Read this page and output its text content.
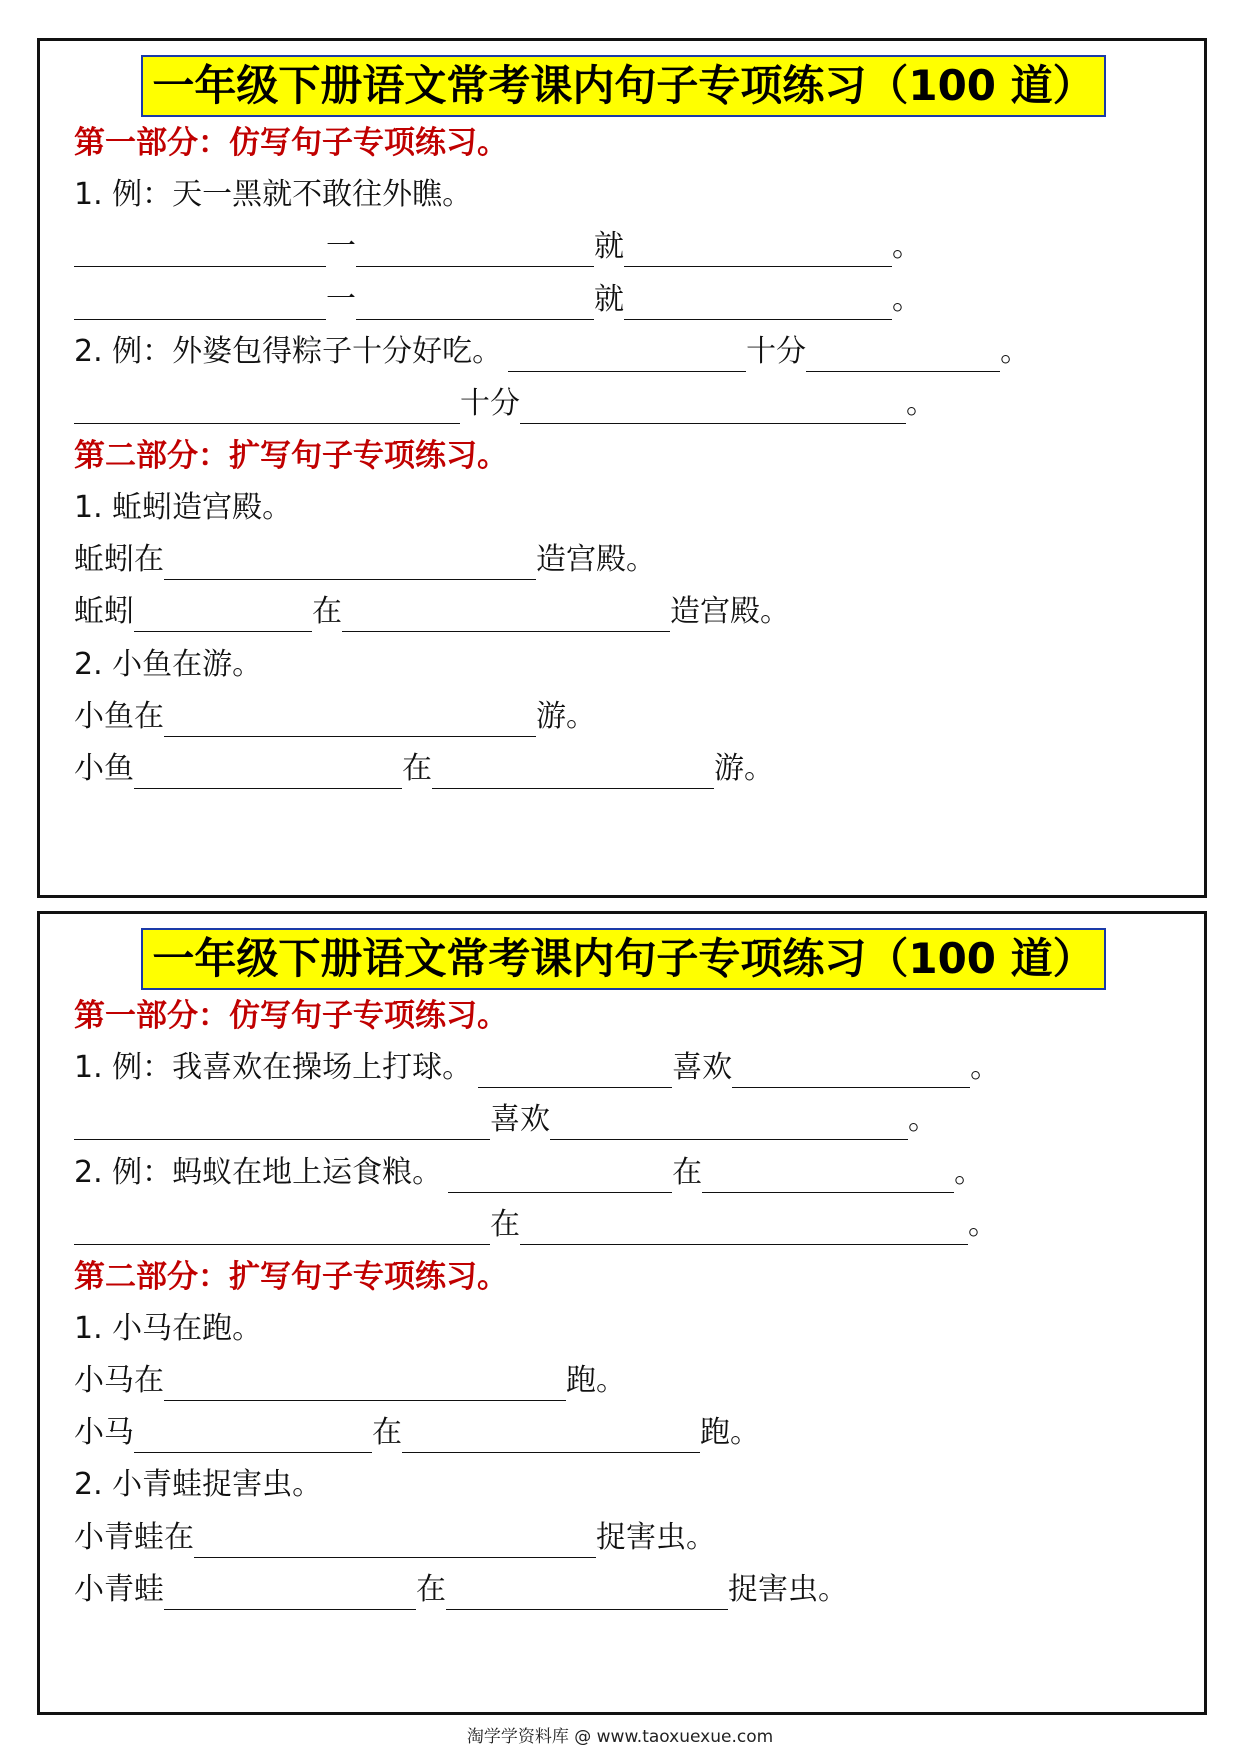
一年级下册语文常考课内句子专项练习（100 道）
第一部分：仿写句子专项练习。
1. 例：天一黑就不敢往外瞧。
一	就	。
一	就	。
2. 例：外婆包得粽子十分好吃。	十分	。
十分	。
第二部分：扩写句子专项练习。
1. 蚯蚓造宫殿。
蚯蚓在	造宫殿。
蚯蚓	在	造宫殿。
2. 小鱼在游。
小鱼在	游。
小鱼	在	游。
一年级下册语文常考课内句子专项练习（100 道）
第一部分：仿写句子专项练习。
1. 例：我喜欢在操场上打球。	喜欢	。
喜欢	。
2. 例：蚂蚁在地上运食粮。	在	。
在	。
第二部分：扩写句子专项练习。
1. 小马在跑。
小马在	跑。
小马	在	跑。
2. 小青蛙捉害虫。
小青蛙在	捉害虫。
小青蛙	在	捉害虫。
淘学学资料库 @ www.taoxuexue.com
